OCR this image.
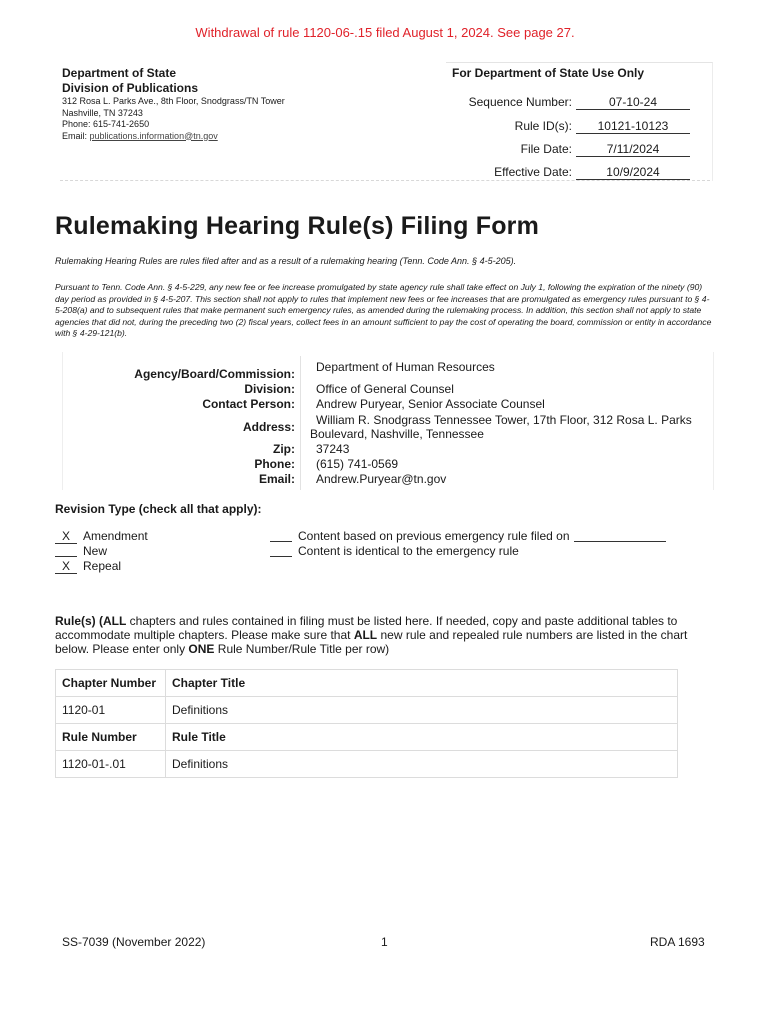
Withdrawal of rule 1120-06-.15 filed August 1, 2024. See page 27.
Department of State
Division of Publications
312 Rosa L. Parks Ave., 8th Floor, Snodgrass/TN Tower
Nashville, TN 37243
Phone: 615-741-2650
Email: publications.information@tn.gov
For Department of State Use Only
Sequence Number:	07-10-24
Rule ID(s):	10121-10123
File Date:	7/11/2024
Effective Date:	10/9/2024
Rulemaking Hearing Rule(s) Filing Form
Rulemaking Hearing Rules are rules filed after and as a result of a rulemaking hearing (Tenn. Code Ann. § 4-5-205).
Pursuant to Tenn. Code Ann. § 4-5-229, any new fee or fee increase promulgated by state agency rule shall take effect on July 1, following the expiration of the ninety (90) day period as provided in § 4-5-207. This section shall not apply to rules that implement new fees or fee increases that are promulgated as emergency rules pursuant to § 4-5-208(a) and to subsequent rules that make permanent such emergency rules, as amended during the rulemaking process. In addition, this section shall not apply to state agencies that did not, during the preceding two (2) fiscal years, collect fees in an amount sufficient to pay the cost of operating the board, commission or entity in accordance with § 4-29-121(b).
Agency/Board/Commission: Department of Human Resources
Division: Office of General Counsel
Contact Person: Andrew Puryear, Senior Associate Counsel
Address:	William R. Snodgrass Tennessee Tower, 17th Floor, 312 Rosa L. Parks Boulevard, Nashville, Tennessee
Zip: 37243
Phone: (615) 741-0569
Email: Andrew.Puryear@tn.gov
Revision Type (check all that apply):
X Amendment
New
X Repeal
Content based on previous emergency rule filed on
Content is identical to the emergency rule
Rule(s) (ALL chapters and rules contained in filing must be listed here. If needed, copy and paste additional tables to accommodate multiple chapters. Please make sure that ALL new rule and repealed rule numbers are listed in the chart below. Please enter only ONE Rule Number/Rule Title per row)
Chapter Number	Chapter Title
1120-01	Definitions
Rule Number	Rule Title
1120-01-.01	Definitions
SS-7039 (November 2022)	1	RDA 1693
